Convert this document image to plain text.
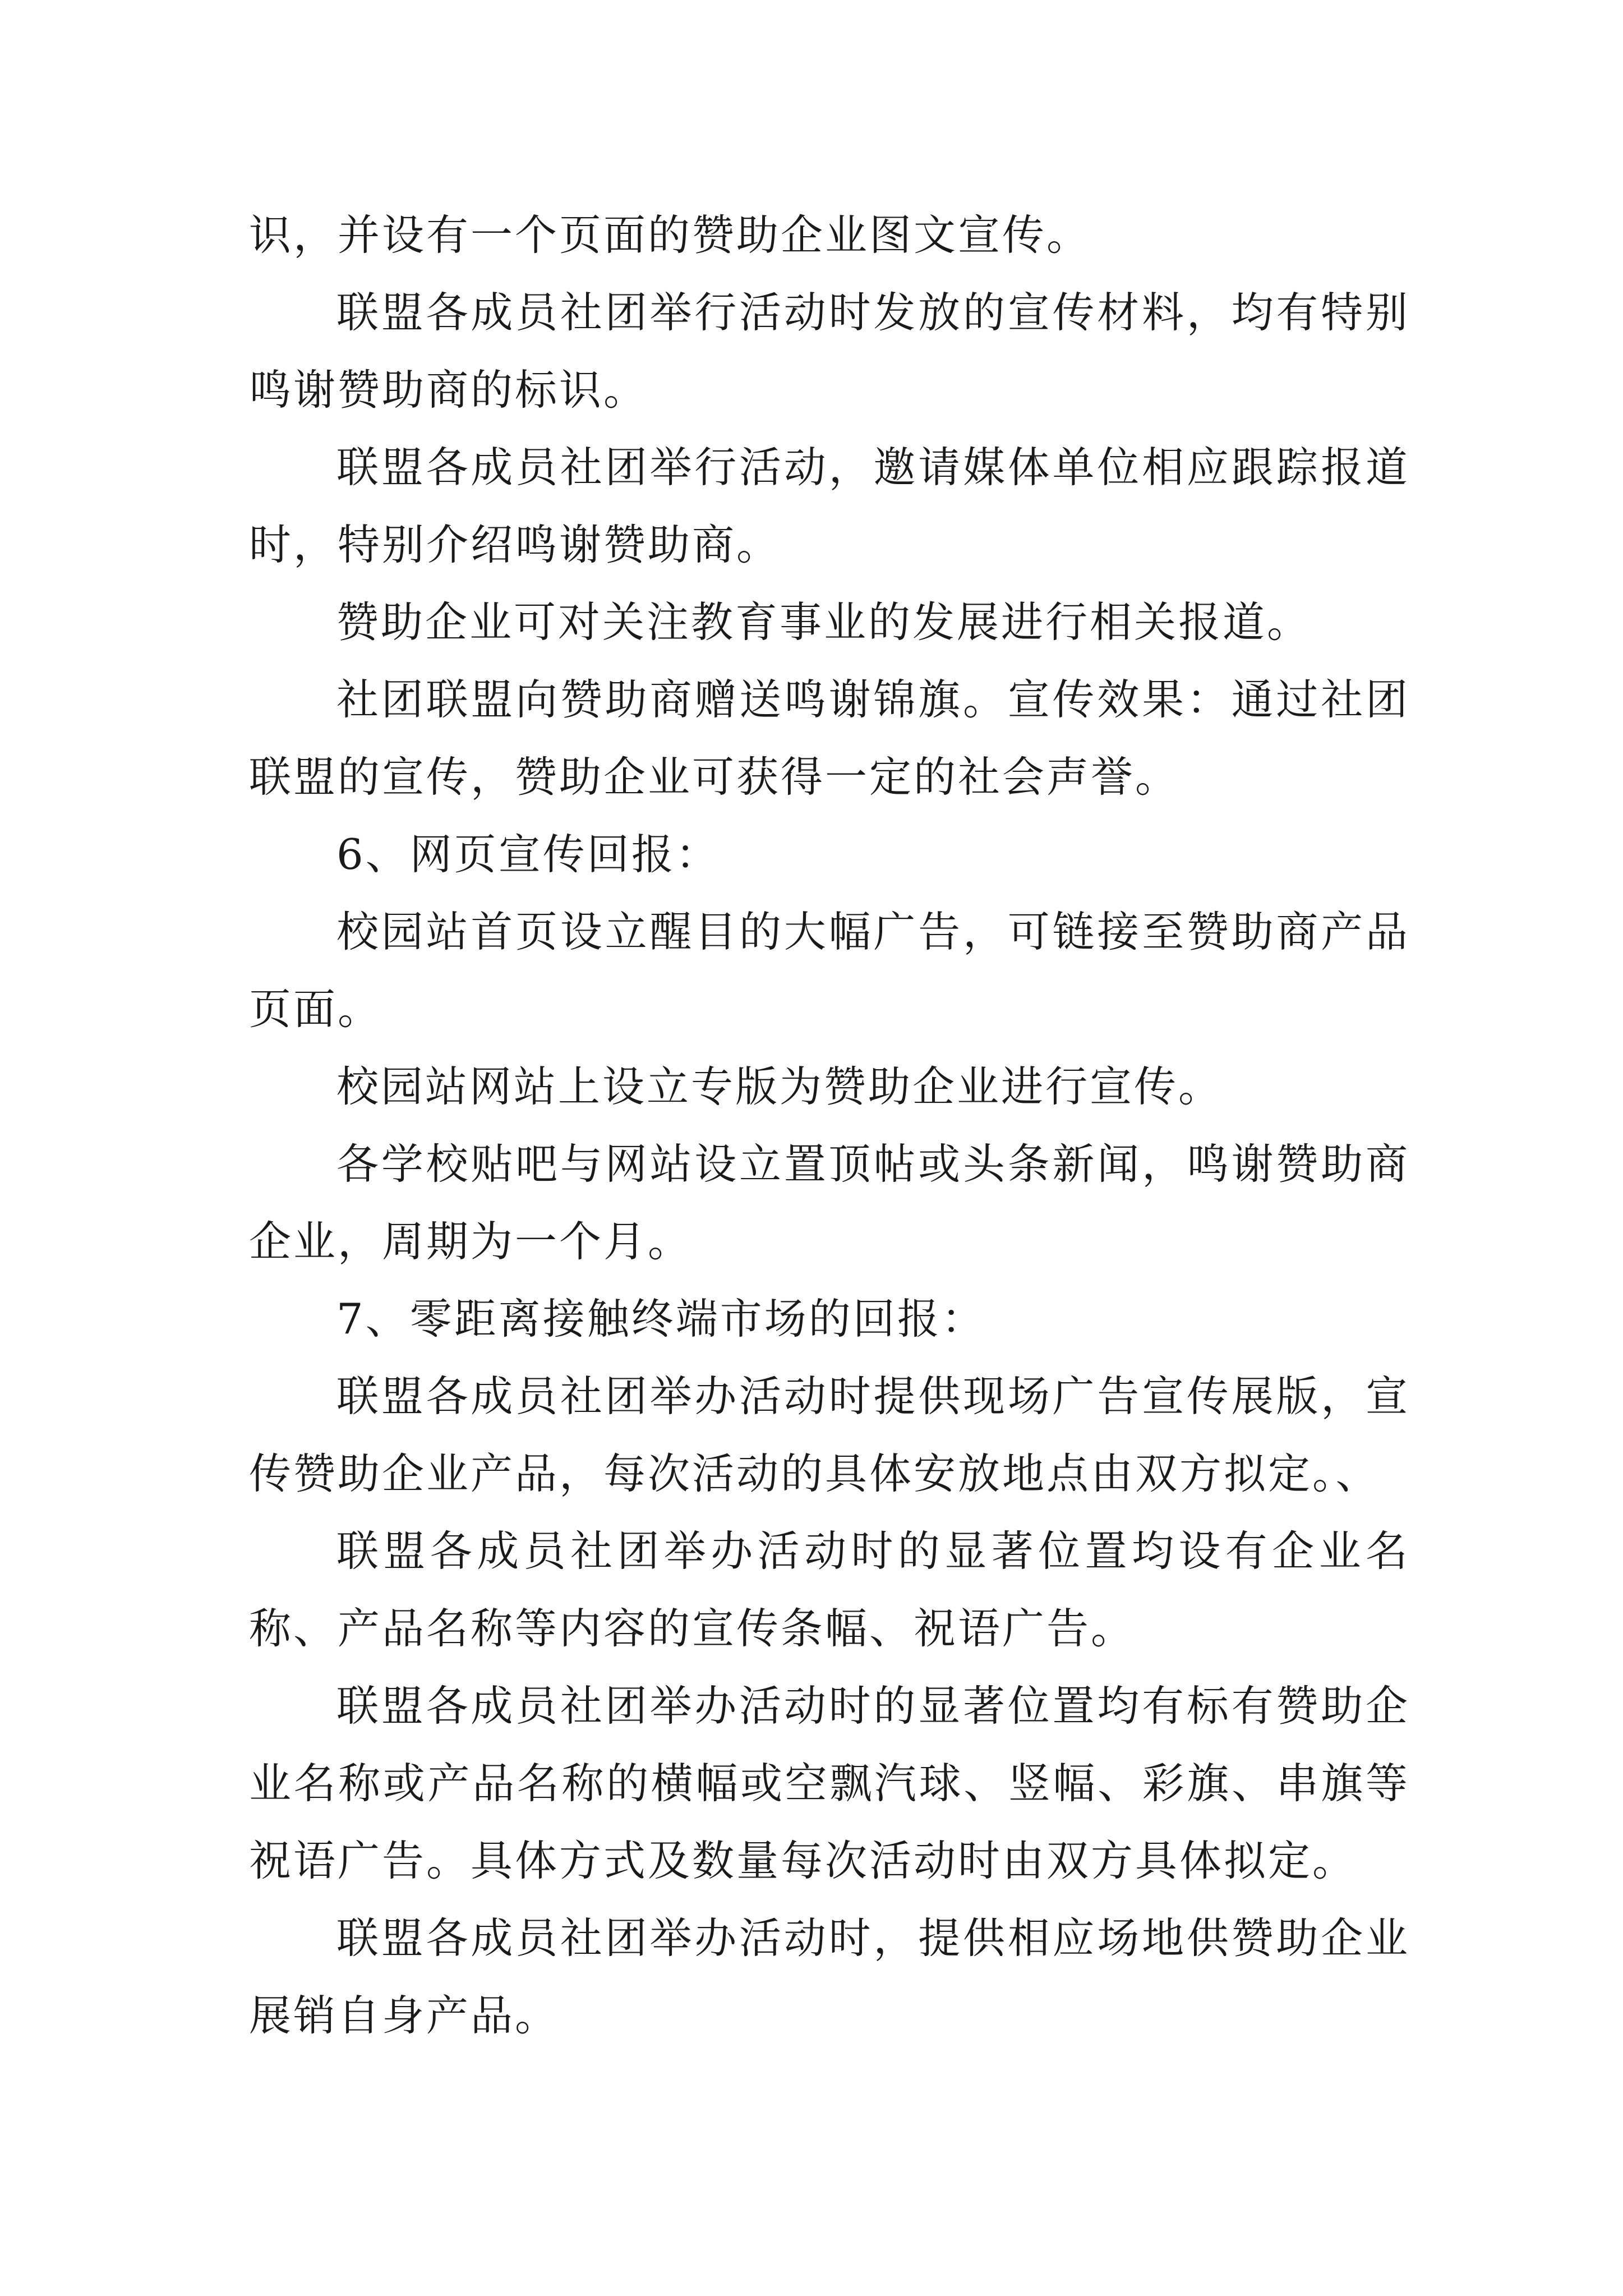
识，并设有一个页面的赞助企业图文宣传。

联盟各成员社团举行活动时发放的宣传材料，均有特别鸣谢赞助商的标识。

联盟各成员社团举行活动，邀请媒体单位相应跟踪报道时，特别介绍鸣谢赞助商。

赞助企业可对关注教育事业的发展进行相关报道。

社团联盟向赞助商赠送鸣谢锦旗。宣传效果：通过社团联盟的宣传，赞助企业可获得一定的社会声誉。

6、网页宣传回报：

校园站首页设立醒目的大幅广告，可链接至赞助商产品页面。

校园站网站上设立专版为赞助企业进行宣传。

各学校贴吧与网站设立置顶帖或头条新闻，鸣谢赞助商企业，周期为一个月。

7、零距离接触终端市场的回报：

联盟各成员社团举办活动时提供现场广告宣传展版，宣传赞助企业产品，每次活动的具体安放地点由双方拟定。、

联盟各成员社团举办活动时的显著位置均设有企业名称、产品名称等内容的宣传条幅、祝语广告。

联盟各成员社团举办活动时的显著位置均有标有赞助企业名称或产品名称的横幅或空飘汽球、竖幅、彩旗、串旗等祝语广告。具体方式及数量每次活动时由双方具体拟定。

联盟各成员社团举办活动时，提供相应场地供赞助企业展销自身产品。
